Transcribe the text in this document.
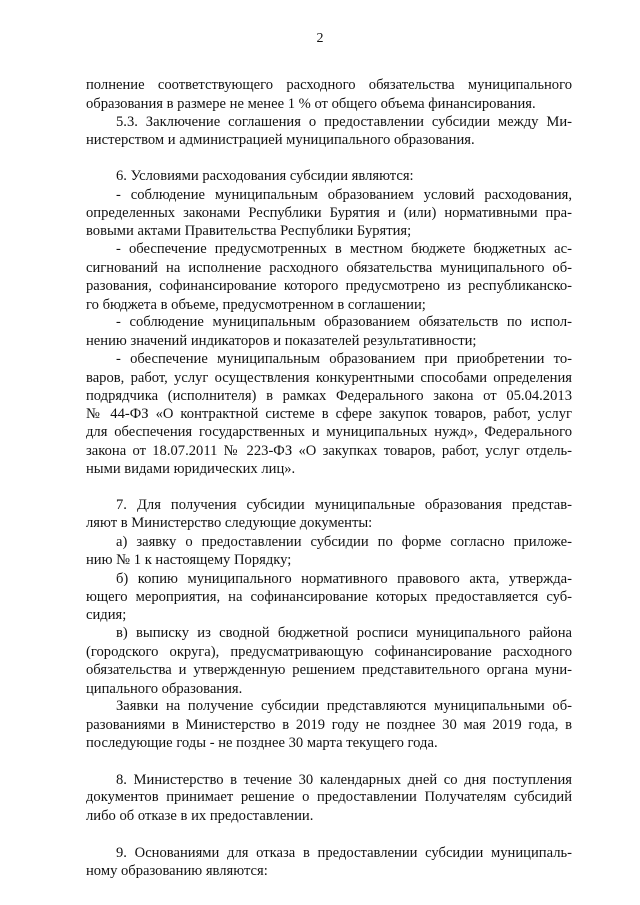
2
полнение соответствующего расходного обязательства муниципального
образования в размере не менее 1 % от общего объема финансирования.
5.3. Заключение соглашения о предоставлении субсидии между Ми-
нистерством и администрацией муниципального образования.
6. Условиями расходования субсидии являются:
- соблюдение муниципальным образованием условий расходования,
определенных законами Республики Бурятия и (или) нормативными пра-
вовыми актами Правительства Республики Бурятия;
- обеспечение предусмотренных в местном бюджете бюджетных ас-
сигнований на исполнение расходного обязательства муниципального об-
разования, софинансирование которого предусмотрено из республиканско-
го бюджета в объеме, предусмотренном в соглашении;
- соблюдение муниципальным образованием обязательств по испол-
нению значений индикаторов и показателей результативности;
- обеспечение муниципальным образованием при приобретении то-
варов, работ, услуг осуществления конкурентными способами определения
подрядчика (исполнителя) в рамках Федерального закона от 05.04.2013
№ 44-ФЗ «О контрактной системе в сфере закупок товаров, работ, услуг
для обеспечения государственных и муниципальных нужд», Федерального
закона от 18.07.2011 № 223-ФЗ «О закупках товаров, работ, услуг отдель-
ными видами юридических лиц».
7. Для получения субсидии муниципальные образования представ-
ляют в Министерство следующие документы:
а) заявку о предоставлении субсидии по форме согласно приложе-
нию № 1 к настоящему Порядку;
б) копию муниципального нормативного правового акта, утвержда-
ющего мероприятия, на софинансирование которых предоставляется суб-
сидия;
в) выписку из сводной бюджетной росписи муниципального района
(городского округа), предусматривающую софинансирование расходного
обязательства и утвержденную решением представительного органа муни-
ципального образования.
Заявки на получение субсидии представляются муниципальными об-
разованиями в Министерство в 2019 году не позднее 30 мая 2019 года, в
последующие годы - не позднее 30 марта текущего года.
8. Министерство в течение 30 календарных дней со дня поступления
документов принимает решение о предоставлении Получателям субсидий
либо об отказе в их предоставлении.
9. Основаниями для отказа в предоставлении субсидии муниципаль-
ному образованию являются:
